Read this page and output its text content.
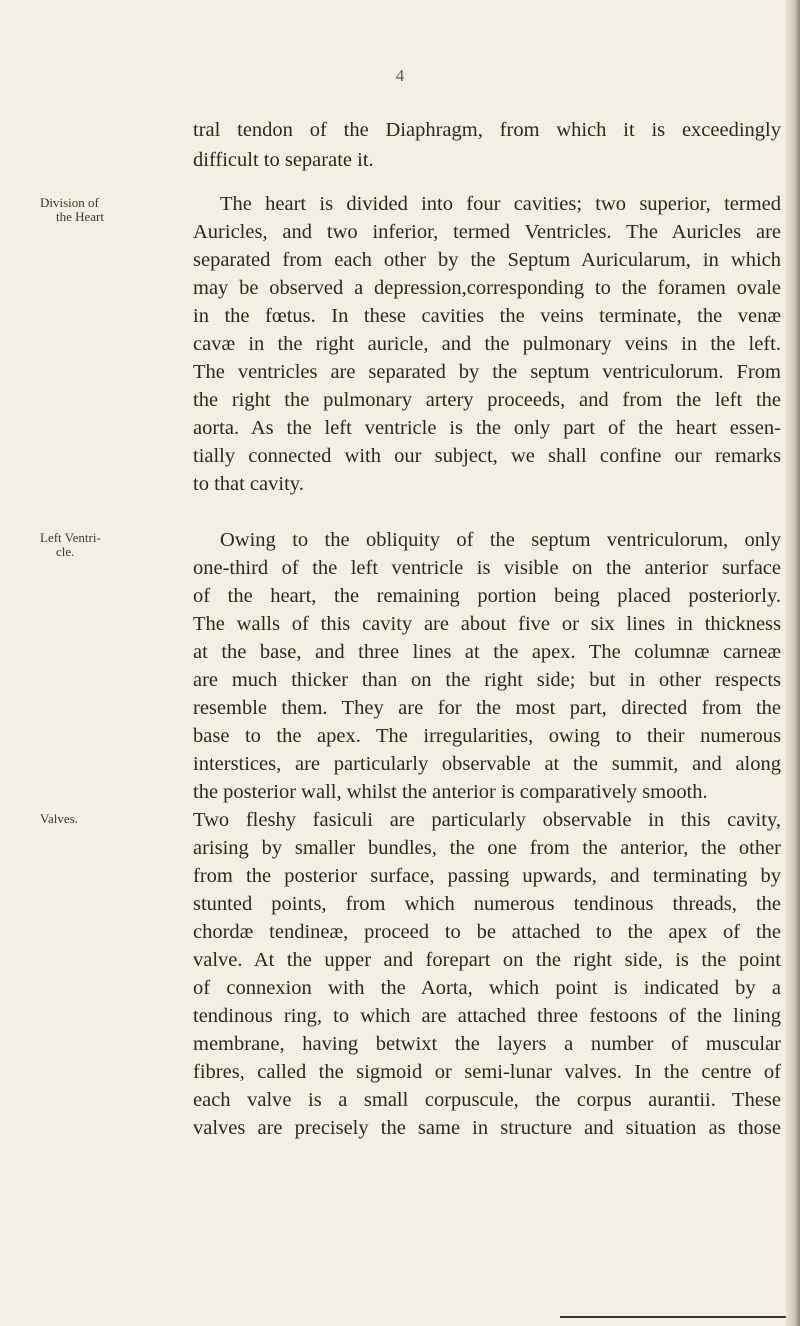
4
tral tendon of the Diaphragm, from which it is exceedingly
difficult to separate it.
Division of
the Heart
The heart is divided into four cavities; two superior, termed
Auricles, and two inferior, termed Ventricles. The Auricles are
separated from each other by the Septum Auricularum, in which
may be observed a depression,corresponding to the foramen ovale
in the fœtus. In these cavities the veins terminate, the venæ
cavæ in the right auricle, and the pulmonary veins in the left.
The ventricles are separated by the septum ventriculorum. From
the right the pulmonary artery proceeds, and from the left the
aorta. As the left ventricle is the only part of the heart essen-
tially connected with our subject, we shall confine our remarks
to that cavity.
Left Ventri-
cle.
Owing to the obliquity of the septum ventriculorum, only
one-third of the left ventricle is visible on the anterior surface
of the heart, the remaining portion being placed posteriorly.
The walls of this cavity are about five or six lines in thickness
at the base, and three lines at the apex. The columnæ carneæ
are much thicker than on the right side; but in other respects
resemble them. They are for the most part, directed from the
base to the apex. The irregularities, owing to their numerous
interstices, are particularly observable at the summit, and along
the posterior wall, whilst the anterior is comparatively smooth.
Valves.	Two fleshy fasiculi are particularly observable in this cavity,
arising by smaller bundles, the one from the anterior, the other
from the posterior surface, passing upwards, and terminating by
stunted points, from which numerous tendinous threads, the
chordæ tendineæ, proceed to be attached to the apex of the
valve. At the upper and forepart on the right side, is the point
of connexion with the Aorta, which point is indicated by a
tendinous ring, to which are attached three festoons of the lining
membrane, having betwixt the layers a number of muscular
fibres, called the sigmoid or semi-lunar valves. In the centre of
each valve is a small corpuscule, the corpus aurantii. These
valves are precisely the same in structure and situation as those
